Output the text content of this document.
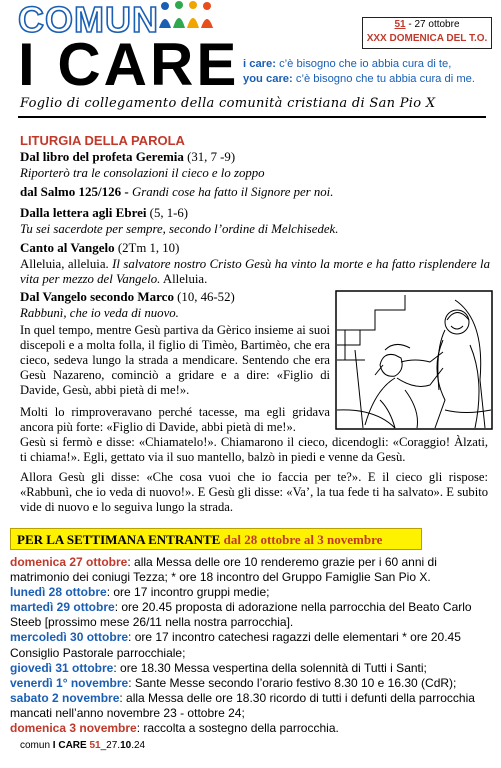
COMUN
I CARE
51 - 27 ottobre
XXX DOMENICA DEL T.O.
i care: c’è bisogno che io abbia cura di te,
you care: c’è bisogno che tu abbia cura di me.
Foglio di collegamento della comunità cristiana di San Pio X
LITURGIA DELLA PAROLA
Dal libro del profeta Geremia (31, 7 -9)
Riporterò tra le consolazioni il cieco e lo zoppo
dal Salmo 125/126 - Grandi cose ha fatto il Signore per noi.
Dalla lettera agli Ebrei (5, 1-6)
Tu sei sacerdote per sempre, secondo l’ordine di Melchisedek.
Canto al Vangelo (2Tm 1, 10)
Alleluia, alleluia. Il salvatore nostro Cristo Gesù ha vinto la morte e ha fatto risplendere la vita per mezzo del Vangelo. Alleluia.
Dal Vangelo secondo Marco (10, 46-52)
Rabbunì, che io veda di nuovo.
In quel tempo, mentre Gesù partiva da Gèrico insieme ai suoi discepoli e a molta folla, il figlio di Timèo, Bartimèo, che era cieco, sedeva lungo la strada a mendicare. Sentendo che era Gesù Nazareno, cominciò a gridare e a dire: «Figlio di Davide, Gesù, abbi pietà di me!».
Molti lo rimproveravano perché tacesse, ma egli gridava ancora più forte: «Figlio di Davide, abbi pietà di me!».
Gesù si fermò e disse: «Chiamatelo!». Chiamarono il cieco, dicendogli: «Coraggio! Àlzati, ti chiama!». Egli, gettato via il suo mantello, balzò in piedi e venne da Gesù.
Allora Gesù gli disse: «Che cosa vuoi che io faccia per te?». E il cieco gli rispose: «Rabbunì, che io veda di nuovo!». E Gesù gli disse: «Va’, la tua fede ti ha salvato». E subito vide di nuovo e lo seguiva lungo la strada.
PER LA SETTIMANA ENTRANTE dal 28 ottobre al 3 novembre
domenica 27 ottobre: alla Messa delle ore 10 renderemo grazie per i 60 anni di matrimonio dei coniugi Tezza; * ore 18 incontro del Gruppo Famiglie San Pio X.
lunedì 28 ottobre: ore 17 incontro gruppi medie;
martedì 29 ottobre: ore 20.45 proposta di adorazione nella parrocchia del Beato Carlo Steeb [prossimo mese 26/11 nella nostra parrocchia].
mercoledì 30 ottobre: ore 17 incontro catechesi ragazzi delle elementari * ore 20.45 Consiglio Pastorale parrocchiale;
giovedì 31 ottobre: ore 18.30 Messa vespertina della solennità di Tutti i Santi;
venerdì 1° novembre: Sante Messe secondo l’orario festivo 8.30 10 e 16.30 (CdR);
sabato 2 novembre: alla Messa delle ore 18.30 ricordo di tutti i defunti della parrocchia mancati nell’anno novembre 23 - ottobre 24;
domenica 3 novembre: raccolta a sostegno della parrocchia.
comun I CARE 51_27.10.24
